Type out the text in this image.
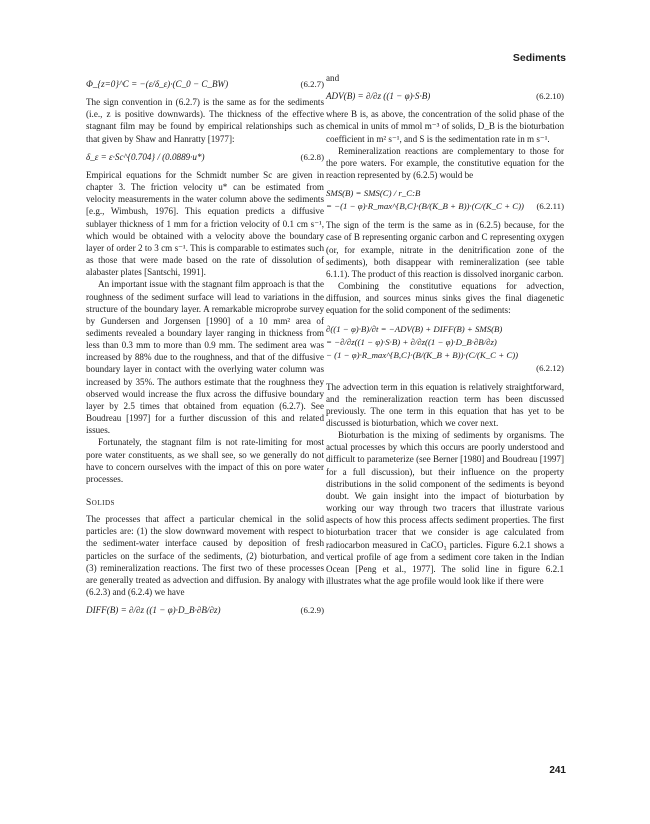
Sediments
Φ_{z=0}^C = −(ε/δ_ε)·(C_0 − C_BW)	(6.2.7)

The sign convention in (6.2.7) is the same as for the sediments (i.e., z is positive downwards). The thickness of the effective stagnant film may be found by empirical relationships such as that given by Shaw and Hanratty [1977]:

δ_ε = ε·Sc^{0.704} / (0.0889·u*)	(6.2.8)

Empirical equations for the Schmidt number Sc are given in chapter 3. The friction velocity u* can be estimated from velocity measurements in the water column above the sediments [e.g., Wimbush, 1976]. This equation predicts a diffusive sublayer thickness of 1 mm for a friction velocity of 0.1 cm s⁻¹, which would be obtained with a velocity above the boundary layer of order 2 to 3 cm s⁻¹. This is comparable to estimates such as those that were made based on the rate of dissolution of alabaster plates [Santschi, 1991].

An important issue with the stagnant film approach is that the roughness of the sediment surface will lead to variations in the structure of the boundary layer. A remarkable microprobe survey by Gundersen and Jorgensen [1990] of a 10 mm² area of sediments revealed a boundary layer ranging in thickness from less than 0.3 mm to more than 0.9 mm. The sediment area was increased by 88% due to the roughness, and that of the diffusive boundary layer in contact with the overlying water column was increased by 35%. The authors estimate that the roughness they observed would increase the flux across the diffusive boundary layer by 2.5 times that obtained from equation (6.2.7). See Boudreau [1997] for a further discussion of this and related issues.

Fortunately, the stagnant film is not rate-limiting for most pore water constituents, as we shall see, so we generally do not have to concern ourselves with the impact of this on pore water processes.

Solids

The processes that affect a particular chemical in the solid particles are: (1) the slow downward movement with respect to the sediment-water interface caused by deposition of fresh particles on the surface of the sediments, (2) bioturbation, and (3) remineralization reactions. The first two of these processes are generally treated as advection and diffusion. By analogy with (6.2.3) and (6.2.4) we have

DIFF(B) = ∂/∂z ((1 − φ)·D_B·∂B/∂z)	(6.2.9)

and

ADV(B) = ∂/∂z ((1 − φ)·S·B)	(6.2.10)

where B is, as above, the concentration of the solid phase of the chemical in units of mmol m⁻³ of solids, D_B is the bioturbation coefficient in m² s⁻¹, and S is the sedimentation rate in m s⁻¹.

Remineralization reactions are complementary to those for the pore waters. For example, the constitutive equation for the reaction represented by (6.2.5) would be

SMS(B) = SMS(C) / r_C:B
= −(1 − φ)·R_max^{B,C}·(B/(K_B + B))·(C/(K_C + C)) (6.2.11)

The sign of the term is the same as in (6.2.5) because, for the case of B representing organic carbon and C representing oxygen (or, for example, nitrate in the denitrification zone of the sediments), both disappear with remineralization (see table 6.1.1). The product of this reaction is dissolved inorganic carbon.

Combining the constitutive equations for advection, diffusion, and sources minus sinks gives the final diagenetic equation for the solid component of the sediments:

∂((1 − φ)·B)/∂t = −ADV(B) + DIFF(B) + SMS(B)
= −∂/∂z((1 − φ)·S·B) + ∂/∂z((1 − φ)·D_B·∂B/∂z)
− (1 − φ)·R_max^{B,C}·(B/(K_B + B))·(C/(K_C + C))
(6.2.12)

The advection term in this equation is relatively straightforward, and the remineralization reaction term has been discussed previously. The one term in this equation that has yet to be discussed is bioturbation, which we cover next.

Bioturbation is the mixing of sediments by organisms. The actual processes by which this occurs are poorly understood and difficult to parameterize (see Berner [1980] and Boudreau [1997] for a full discussion), but their influence on the property distributions in the solid component of the sediments is beyond doubt. We gain insight into the impact of bioturbation by working our way through two tracers that illustrate various aspects of how this process affects sediment properties. The first bioturbation tracer that we consider is age calculated from radiocarbon measured in CaCO₃ particles. Figure 6.2.1 shows a vertical profile of age from a sediment core taken in the Indian Ocean [Peng et al., 1977]. The solid line in figure 6.2.1 illustrates what the age profile would look like if there were

241
